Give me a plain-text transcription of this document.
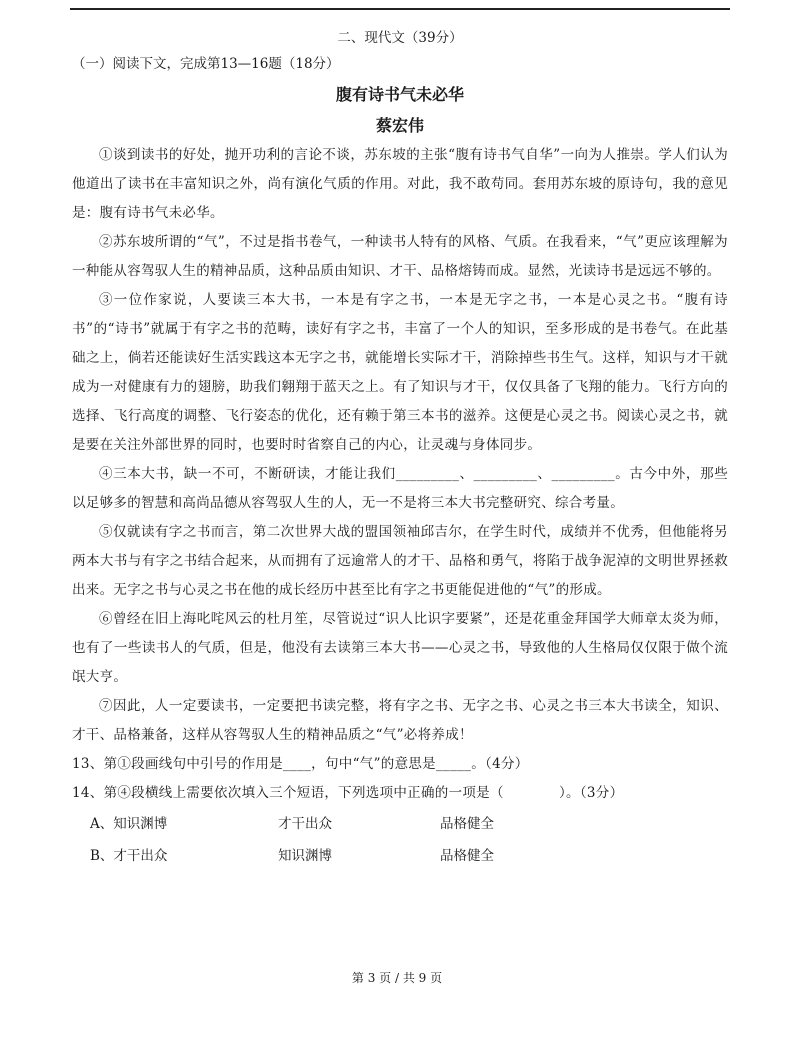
二、现代文（39分）

（一）阅读下文，完成第13—16题（18分）

腹有诗书气未必华

蔡宏伟

①谈到读书的好处，抛开功利的言论不谈，苏东坡的主张“腹有诗书气自华”一向为人推崇。学人们认为他道出了读书在丰富知识之外，尚有演化气质的作用。对此，我不敢苟同。套用苏东坡的原诗句，我的意见是：腹有诗书气未必华。

②苏东坡所谓的“气”，不过是指书卷气，一种读书人特有的风格、气质。在我看来，“气”更应该理解为一种能从容驾驭人生的精神品质，这种品质由知识、才干、品格熔铸而成。显然，光读诗书是远远不够的。

③一位作家说，人要读三本大书，一本是有字之书，一本是无字之书，一本是心灵之书。“腹有诗书”的“诗书”就属于有字之书的范畴，读好有字之书，丰富了一个人的知识，至多形成的是书卷气。在此基础之上，倘若还能读好生活实践这本无字之书，就能增长实际才干，消除掉些书生气。这样，知识与才干就成为一对健康有力的翅膀，助我们翱翔于蓝天之上。有了知识与才干，仅仅具备了飞翔的能力。飞行方向的选择、飞行高度的调整、飞行姿态的优化，还有赖于第三本书的滋养。这便是心灵之书。阅读心灵之书，就是要在关注外部世界的同时，也要时时省察自己的内心，让灵魂与身体同步。

④三本大书，缺一不可，不断研读，才能让我们_________、_________、_________。古今中外，那些以足够多的智慧和高尚品德从容驾驭人生的人，无一不是将三本大书完整研究、综合考量。

⑤仅就读有字之书而言，第二次世界大战的盟国领袖邱吉尔，在学生时代，成绩并不优秀，但他能将另两本大书与有字之书结合起来，从而拥有了远逾常人的才干、品格和勇气，将陷于战争泥淖的文明世界拯救出来。无字之书与心灵之书在他的成长经历中甚至比有字之书更能促进他的“气”的形成。

⑥曾经在旧上海叱咤风云的杜月笙，尽管说过“识人比识字要紧”，还是花重金拜国学大师章太炎为师，也有了一些读书人的气质，但是，他没有去读第三本大书——心灵之书，导致他的人生格局仅仅限于做个流氓大亨。

⑦因此，人一定要读书，一定要把书读完整，将有字之书、无字之书、心灵之书三本大书读全，知识、才干、品格兼备，这样从容驾驭人生的精神品质之“气”必将养成！

13、第①段画线句中引号的作用是____，句中“气”的意思是_____。（4分）

14、第④段横线上需要依次填入三个短语，下列选项中正确的一项是（　　　　）。（3分）

A、知识渊博	才干出众	品格健全
B、才干出众	知识渊博	品格健全
第 3 页 / 共 9 页
